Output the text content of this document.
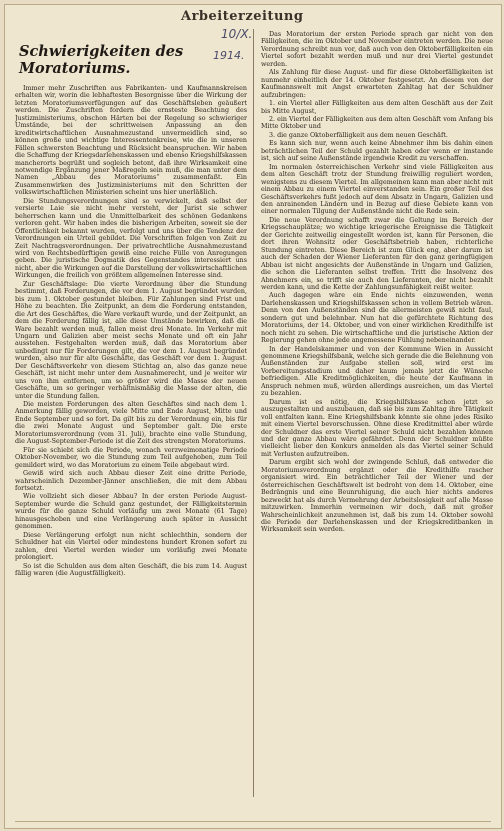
Arbeiterzeitung
10/X.
1914.
Schwierigkeiten des Moratoriums.

Immer mehr Zuschriften aus Fabrikanten- und Kaufmannskreisen erhalten wir, worin die lebhaftesten Besorgnisse über die Wirkung der letzten Moratoriumsverfügungen auf das Geschäftsleben geäußert werden. Die Zuschriften fordern die ernsteste Beachtung des Justizministeriums, obschon Härten bei der Regelung so schwieriger Umstände, bei der schrittweisen Anpassung an den kreditwirtschaftlichen Ausnahmezustand unvermeidlich sind, so können große und wichtige Interessentenkreise, wie die in unseren Fällen schwersten Beachtung und Rücksicht beanspruchen. Wir haben die Schaffung der Kriegsdarlehenskassen und ebenso Kriegshilfskassen mancherorts begrüßt und sogleich betont, daß ihre Wirksamkeit eine notwendige Ergänzung jener Maßregeln sein muß, die man unter dem Namen „Abbau des Moratoriums“ zusammenfaßt. Ein Zusammenwirken des Justizministeriums mit den Schritten der volkswirtschaftlichen Ministerien scheint uns hier unerläßlich.

Die Stundungsverordnungen sind so verwickelt, daß selbst der versierte Laie sie nicht mehr versteht, der Jurist sie schwer beherrschen kann und die Unmittelbarkeit des schönen Gedankens verloren geht. Wir haben indes die bisherigen Arbeiten, soweit sie der Öffentlichkeit bekannt wurden, verfolgt und uns über die Tendenz der Verordnungen ein Urteil gebildet. Die Vorschriften folgen von Zeit zu Zeit Nachtragsverordnungen. Der privatrechtliche Ausnahmezustand wird von Rechtsbedürftigen gewiß eine reiche Fülle von Anregungen geben. Die juristische Dogmatik des Gegenstandes interessiert uns nicht, aber die Wirkungen auf die Darstellung der volkswirtschaftlichen Wirkungen, die freilich von größtem allgemeinen Interesse sind.

Zur Geschäftslage: Die vierte Verordnung über die Stundung bestimmt, daß Forderungen, die vor dem 1. August begründet wurden, bis zum 1. Oktober gestundet bleiben. Für Zahlungen sind Frist und Höhe zu beachten. Die Zeitpunkt, an dem die Forderung entstanden, die Art des Geschäftes, die Ware verkauft wurde, und der Zeitpunkt, an dem die Forderung fällig ist, alle diese Umstände bewirken, daß die Ware bezahlt werden muß, fallen meist drei Monate. Im Verkehr mit Ungarn und Galizien aber meist sechs Monate und oft ein Jahr ausstehen. Festgehalten werden muß, daß das Moratorium aber unbedingt nur für Forderungen gilt, die vor dem 1. August begründet wurden, also nur für alte Geschäfte, das Geschäft vor dem 1. August. Der Geschäftsverkehr von diesem Stichtag an, also das ganze neue Geschäft, ist nicht mehr unter dem Ausnahmerecht, und je weiter wir uns von ihm entfernen, um so größer wird die Masse der neuen Geschäfte, um so geringer verhältnismäßig die Masse der alten, die unter die Stundung fallen.

Die meisten Forderungen des alten Geschäftes sind nach dem 1. Anmerkung fällig geworden, viele Mitte und Ende August, Mitte und Ende September und so fort. Da gilt bis zu der Verordnung ein, bis für die zwei Monate August und September galt. Die erste Moratoriumsverordnung (vom 31. Juli), brachte eine volle Stundung, die August-September-Periode ist die Zeit des strengsten Moratoriums.

Für sie schiebt sich die Periode, wonach verzweimonatige Periode Oktober-November, wo die Stundung zum Teil aufgehoben, zum Teil gemildert wird, wo das Moratorium zu einem Teile abgebaut wird.

Gewiß wird sich auch Abbau dieser Zeit eine dritte Periode, wahrscheinlich Dezember-Jänner anschließen, die mit dem Abbau fortsetzt.

Wie vollzieht sich dieser Abbau? In der ersten Periode August-September wurde die Schuld ganz gestundet, der Fälligkeitstermin wurde für die ganze Schuld vorläufig um zwei Monate (61 Tage) hinausgeschoben und eine Verlängerung auch später in Aussicht genommen.

Diese Verlängerung erfolgt nun nicht schlechthin, sondern der Schuldner hat ein Viertel oder mindestens hundert Kronen sofort zu zahlen, drei Viertel werden wieder um vorläufig zwei Monate prolongiert.

So ist die Schulden aus dem alten Geschäft, die bis zum 14. August fällig waren (die Augustfälligkeit).

Das Moratorium der ersten Periode sprach gar nicht von den Fälligkeiten, die im Oktober und November eintreten werden. Die neue Verordnung schreibt nun vor, daß auch von den Oktoberfälligkeiten ein Viertel sofort bezahlt werden muß und nur drei Viertel gestundet werden.

Als Zahlung für diese August- und für diese Oktoberfälligkeiten ist nunmehr einheitlich der 14. Oktober festgesetzt. An diesem von der Kaufmannswelt mit Angst erwarteten Zahltag hat der Schuldner aufzubringen:

1. ein Viertel aller Fälligkeiten aus dem alten Geschäft aus der Zeit bis Mitte August,

2. ein Viertel der Fälligkeiten aus dem alten Geschäft vom Anfang bis Mitte Oktober und

3. die ganze Oktoberfälligkeit aus dem neuen Geschäft.

Es kann sich nur, wenn auch keine Abnehmer ihm bis dahin einen beträchtlichen Teil der Schuld gezahlt haben oder wenn er imstande ist, sich auf seine Außenstände irgendwie Kredit zu verschaffen.

Im normalen österreichischen Verkehr sind viele Fälligkeiten aus dem alten Geschäft trotz der Stundung freiwillig reguliert worden, wenigstens zu diesem Viertel. Im allgemeinen kann man aber nicht mit einem Abbau zu einem Viertel einverstanden sein. Ein großer Teil des Geschäftsverkehrs fußt jedoch auf dem Absatz in Ungarn, Galizien und den anrainenden Ländern und in Bezug auf diese Gebiete kann von einer normalen Tilgung der Außenstände nicht die Rede sein.

Die neue Verordnung schafft zwar die Geltung im Bereich der Kriegsschauplätze; wo wichtige kriegerische Ereignisse die Tätigkeit der Gerichte zeitweilig eingestellt worden ist, kann für Personen, die dort ihren Wohnsitz oder Geschäftsbetrieb haben, richterliche Stundung eintreten. Diese Bereich ist zum Glück eng, aber darum ist auch der Schaden der Wiener Lieferanten für den ganz geringfügigen Abbau ist nicht angesichts der Außenstände in Ungarn und Galizien, die schon die Lieferanten selbst treffen. Tritt die Insolvenz des Abnehmers ein, so trifft sie auch den Lieferanten, der nicht bezahlt werden kann, und die Kette der Zahlungsunfähigkeit reißt weiter.

Auch dagegen wäre ein Ende nichts einzuwenden, wenn Darlehenskassen und Kriegshilfskassen schon in vollem Betrieb wären. Denn von den Außenständen sind die allermeisten gewiß nicht faul, sondern gut und belehnbar. Nun hat die gefürchtete Richtung des Moratoriums, der 14. Oktober, und von einer wirklichen Kredithilfe ist noch nicht zu sehen. Die wirtschaftliche und die juristische Aktion der Regierung gehen ohne jede angemessene Fühlung nebeneinander.

In der Handelskammer und von der Kommune Wien in Aussicht genommene Kriegshilfsbank, welche sich gerade die die Belehnung von Außenständen zur Aufgabe stellen soll, wird erst im Vorbereitungsstadium und daher kaum jemals jetzt die Wünsche befriedigen. Alle Kreditmöglichkeiten, die heute der Kaufmann in Anspruch nehmen muß, würden allerdings ausreichen, um das Viertel zu bezahlen.

Darum ist es nötig, die Kriegshilfskasse schon jetzt so auszugestalten und auszubauen, daß sie bis zum Zahltag ihre Tätigkeit voll entfalten kann. Eine Kriegshilfsbank könnte sie ohne jedes Risiko mit einem Viertel bevorschussen. Ohne diese Kreditmittel aber würde der Schuldner das erste Viertel seiner Schuld nicht bezahlen können und der ganze Abbau wäre gefährdet. Denn der Schuldner müßte vielleicht lieber den Konkurs anmelden als das Viertel seiner Schuld mit Verlusten aufzutreiben.

Darum ergibt sich wohl der zwingende Schluß, daß entweder die Moratoriumsverordnung ergänzt oder die Kredithilfe rascher organisiert wird. Ein beträchtlicher Teil der Wiener und der österreichischen Geschäftswelt ist bedroht von dem 14. Oktober, eine Bedrängnis und eine Beunruhigung, die auch hier nichts anderes bezweckt hat als durch Vermehrung der Arbeitslosigkeit auf alle Masse mitzuwirken. Immerhin vermeinen wir doch, daß mit großer Wahrscheinlichkeit anzunehmen ist, daß bis zum 14. Oktober sowohl die Periode der Darlehenskassen und der Kriegskreditbanken in Wirksamkeit sein werden.
